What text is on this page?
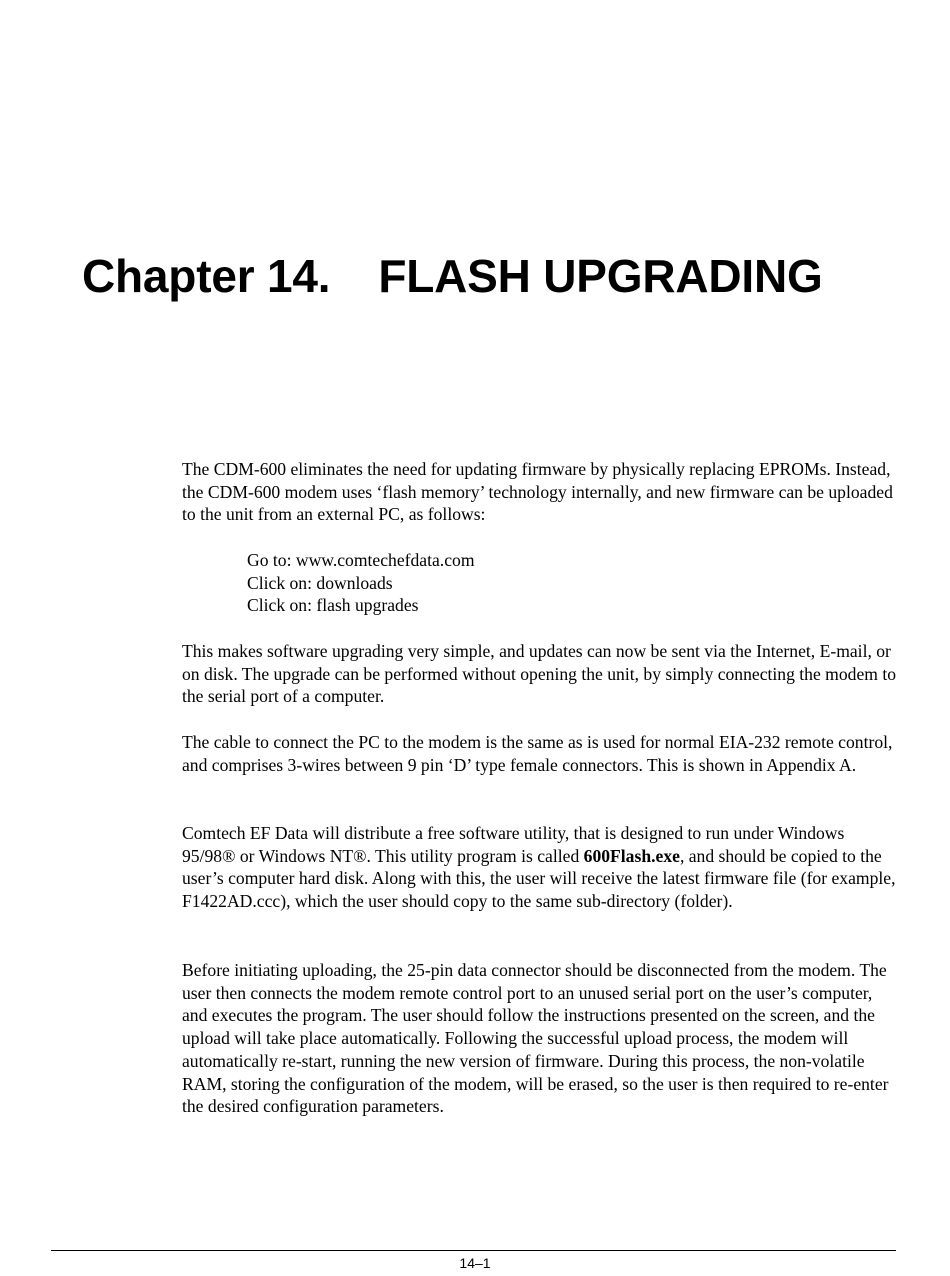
Chapter 14. FLASH UPGRADING

The CDM-600 eliminates the need for updating firmware by physically replacing EPROMs. Instead, the CDM-600 modem uses ‘flash memory’ technology internally, and new firmware can be uploaded to the unit from an external PC, as follows:

Go to: www.comtechefdata.com
Click on: downloads
Click on: flash upgrades

This makes software upgrading very simple, and updates can now be sent via the Internet, E-mail, or on disk. The upgrade can be performed without opening the unit, by simply connecting the modem to the serial port of a computer.

The cable to connect the PC to the modem is the same as is used for normal EIA-232 remote control, and comprises 3-wires between 9 pin ‘D’ type female connectors. This is shown in Appendix A.

Comtech EF Data will distribute a free software utility, that is designed to run under Windows 95/98® or Windows NT®. This utility program is called 600Flash.exe, and should be copied to the user’s computer hard disk. Along with this, the user will receive the latest firmware file (for example, F1422AD.ccc), which the user should copy to the same sub-directory (folder).

Before initiating uploading, the 25-pin data connector should be disconnected from the modem. The user then connects the modem remote control port to an unused serial port on the user’s computer, and executes the program. The user should follow the instructions presented on the screen, and the upload will take place automatically. Following the successful upload process, the modem will automatically re-start, running the new version of firmware. During this process, the non-volatile RAM, storing the configuration of the modem, will be erased, so the user is then required to re-enter the desired configuration parameters.

14–1
